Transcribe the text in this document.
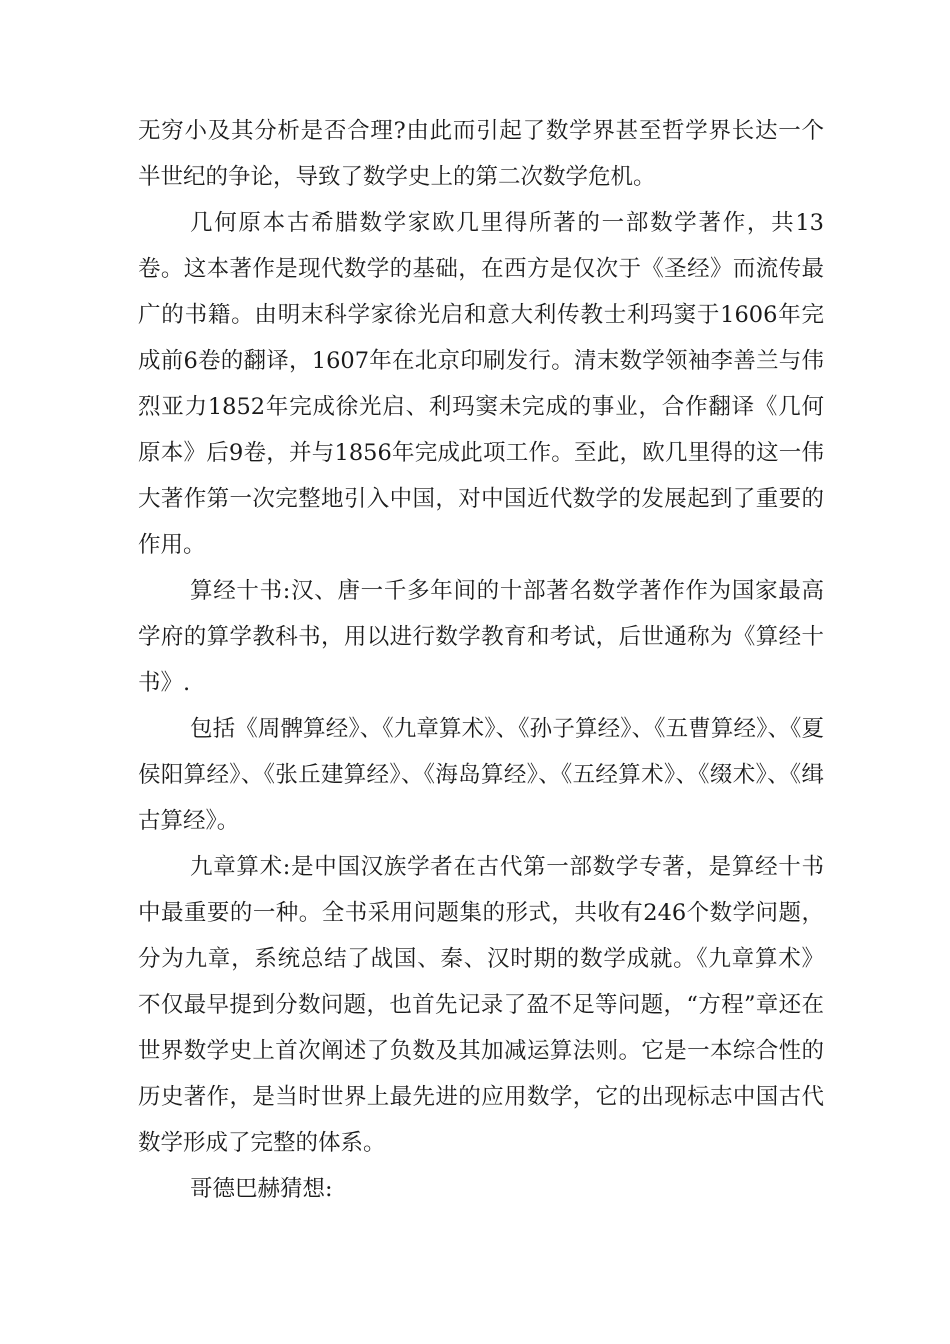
无穷小及其分析是否合理?由此而引起了数学界甚至哲学界长达一个半世纪的争论，导致了数学史上的第二次数学危机。

几何原本古希腊数学家欧几里得所著的一部数学著作，共13卷。这本著作是现代数学的基础，在西方是仅次于《圣经》而流传最广的书籍。由明末科学家徐光启和意大利传教士利玛窦于1606年完成前6卷的翻译，1607年在北京印刷发行。清末数学领袖李善兰与伟烈亚力1852年完成徐光启、利玛窦未完成的事业，合作翻译《几何原本》后9卷，并与1856年完成此项工作。至此，欧几里得的这一伟大著作第一次完整地引入中国，对中国近代数学的发展起到了重要的作用。

算经十书:汉、唐一千多年间的十部著名数学著作作为国家最高学府的算学教科书，用以进行数学教育和考试，后世通称为《算经十书》.

包括《周髀算经》、《九章算术》、《孙子算经》、《五曹算经》、《夏侯阳算经》、《张丘建算经》、《海岛算经》、《五经算术》、《缀术》、《缉古算经》。

九章算术:是中国汉族学者在古代第一部数学专著，是算经十书中最重要的一种。全书采用问题集的形式，共收有246个数学问题，分为九章，系统总结了战国、秦、汉时期的数学成就。《九章算术》不仅最早提到分数问题，也首先记录了盈不足等问题，“方程”章还在世界数学史上首次阐述了负数及其加减运算法则。它是一本综合性的历史著作，是当时世界上最先进的应用数学，它的出现标志中国古代数学形成了完整的体系。

哥德巴赫猜想:
